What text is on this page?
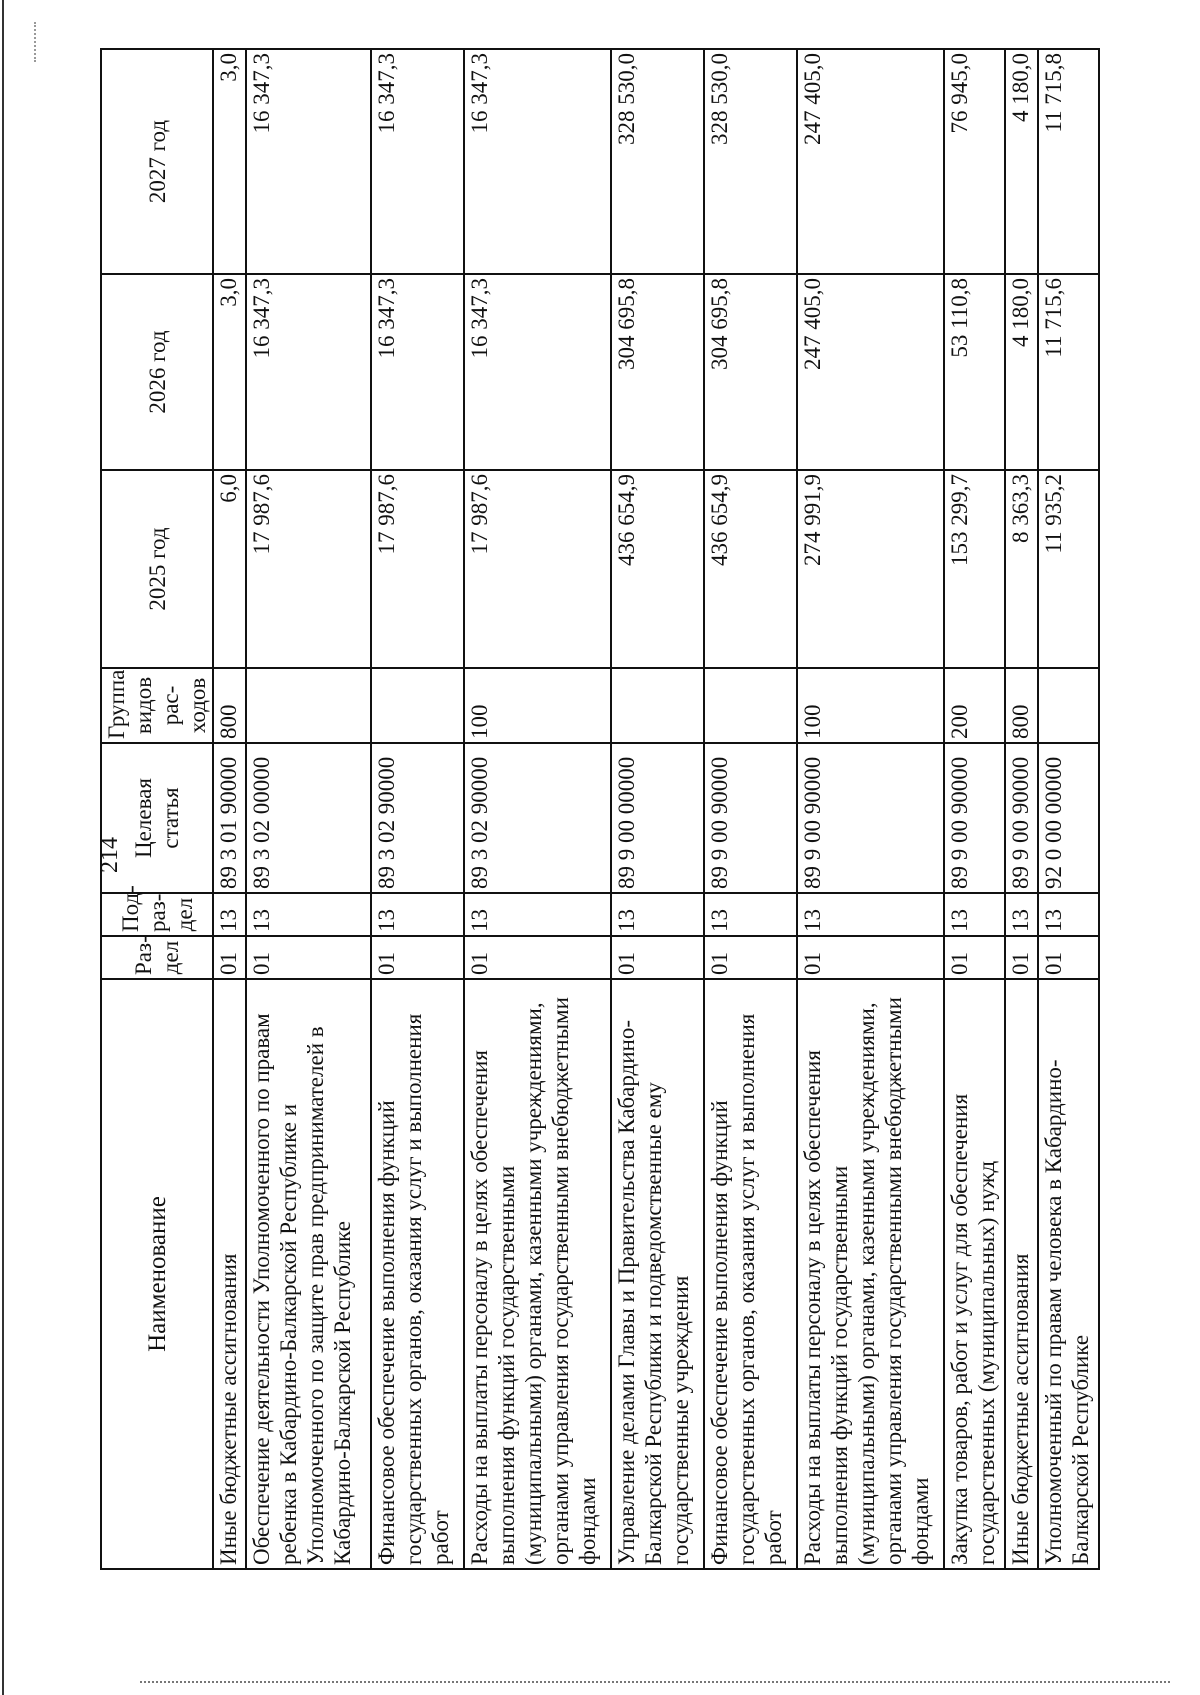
214
Наименование	Раз-дел	Под-раз-дел	Целевая статья	Группа видов рас-ходов	2025 год	2026 год	2027 год
Иные бюджетные ассигнования	01	13	89 3 01 90000	800	6,0	3,0	3,0
Обеспечение деятельности Уполномоченного по правам ребенка в Кабардино-Балкарской Республике и Уполномоченного по защите прав предпринимателей в Кабардино-Балкарской Республике	01	13	89 3 02 00000		17 987,6	16 347,3	16 347,3
Финансовое обеспечение выполнения функций государственных органов, оказания услуг и выполнения работ	01	13	89 3 02 90000		17 987,6	16 347,3	16 347,3
Расходы на выплаты персоналу в целях обеспечения выполнения функций государственными (муниципальными) органами, казенными учреждениями, органами управления государственными внебюджетными фондами	01	13	89 3 02 90000	100	17 987,6	16 347,3	16 347,3
Управление делами Главы и Правительства Кабардино-Балкарской Республики и подведомственные ему государственные учреждения	01	13	89 9 00 00000		436 654,9	304 695,8	328 530,0
Финансовое обеспечение выполнения функций государственных органов, оказания услуг и выполнения работ	01	13	89 9 00 90000		436 654,9	304 695,8	328 530,0
Расходы на выплаты персоналу в целях обеспечения выполнения функций государственными (муниципальными) органами, казенными учреждениями, органами управления государственными внебюджетными фондами	01	13	89 9 00 90000	100	274 991,9	247 405,0	247 405,0
Закупка товаров, работ и услуг для обеспечения государственных (муниципальных) нужд	01	13	89 9 00 90000	200	153 299,7	53 110,8	76 945,0
Иные бюджетные ассигнования	01	13	89 9 00 90000	800	8 363,3	4 180,0	4 180,0
Уполномоченный по правам человека в Кабардино-Балкарской Республике	01	13	92 0 00 00000		11 935,2	11 715,6	11 715,8
